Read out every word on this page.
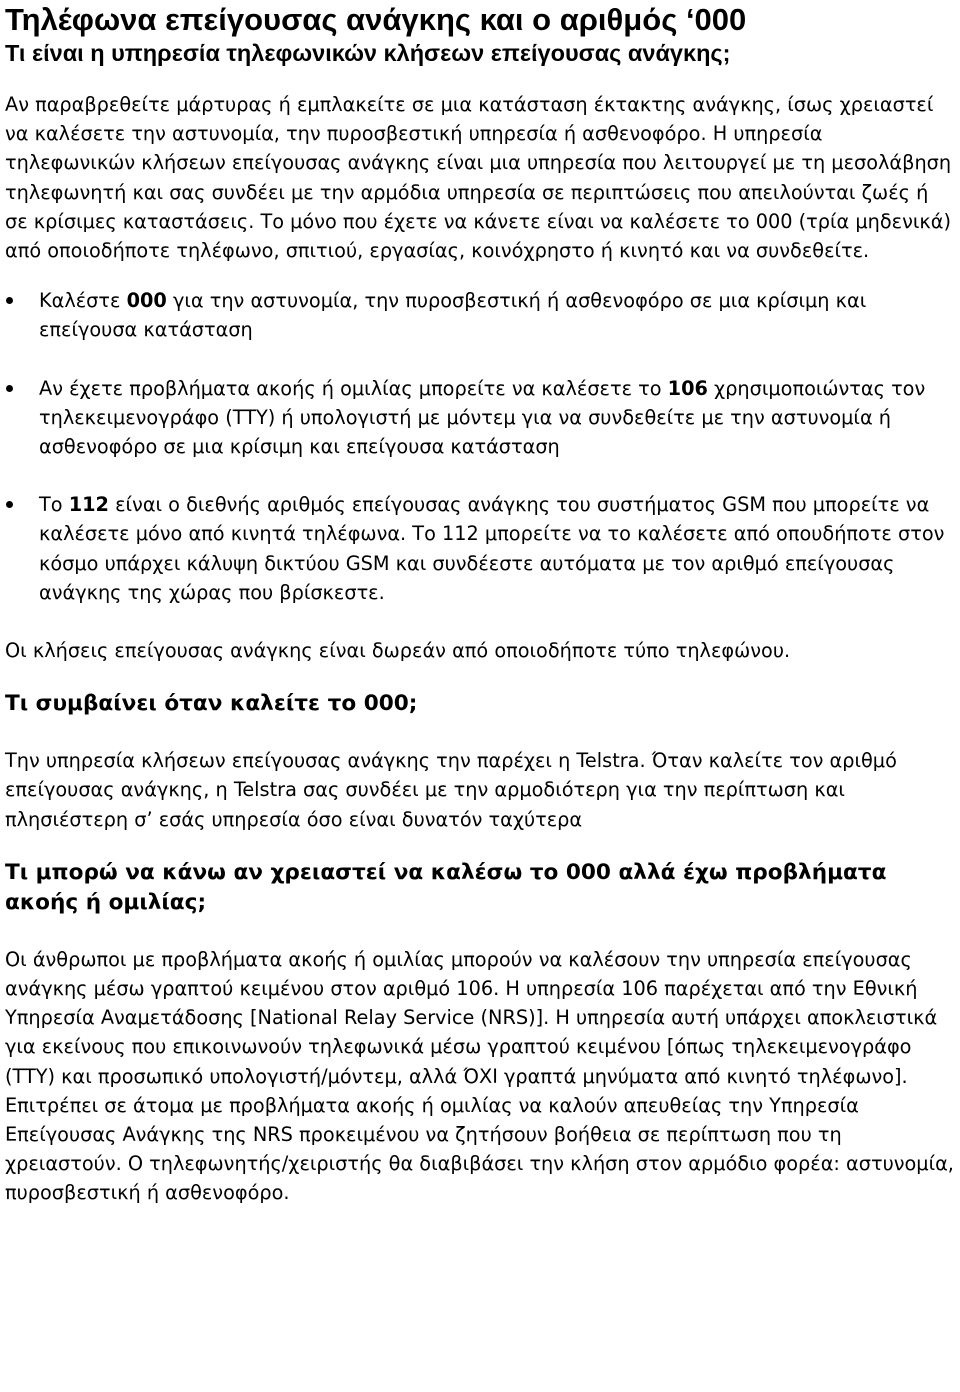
Τηλέφωνα επείγουσας ανάγκης και ο αριθμός ‘000
Τι είναι η υπηρεσία τηλεφωνικών κλήσεων επείγουσας ανάγκης;

Αν παραβρεθείτε μάρτυρας ή εμπλακείτε σε μια κατάσταση έκτακτης ανάγκης, ίσως χρειαστεί να καλέσετε την αστυνομία, την πυροσβεστική υπηρεσία ή ασθενοφόρο. Η υπηρεσία τηλεφωνικών κλήσεων επείγουσας ανάγκης είναι μια υπηρεσία που λειτουργεί με τη μεσολάβηση τηλεφωνητή και σας συνδέει με την αρμόδια υπηρεσία σε περιπτώσεις που απειλούνται ζωές ή σε κρίσιμες καταστάσεις. Το μόνο που έχετε να κάνετε είναι να καλέσετε το 000 (τρία μηδενικά) από οποιοδήποτε τηλέφωνο, σπιτιού, εργασίας, κοινόχρηστο ή κινητό και να συνδεθείτε.

Καλέστε 000 για την αστυνομία, την πυροσβεστική ή ασθενοφόρο σε μια κρίσιμη και επείγουσα κατάσταση
Αν έχετε προβλήματα ακοής ή ομιλίας μπορείτε να καλέσετε το 106 χρησιμοποιώντας τον τηλεκειμενογράφο (TTY) ή υπολογιστή με μόντεμ για να συνδεθείτε με την αστυνομία ή ασθενοφόρο σε μια κρίσιμη και επείγουσα κατάσταση
Το 112 είναι ο διεθνής αριθμός επείγουσας ανάγκης του συστήματος GSM που μπορείτε να καλέσετε μόνο από κινητά τηλέφωνα. Το 112 μπορείτε να το καλέσετε από οπουδήποτε στον κόσμο υπάρχει κάλυψη δικτύου GSM και συνδέεστε αυτόματα με τον αριθμό επείγουσας ανάγκης της χώρας που βρίσκεστε.

Οι κλήσεις επείγουσας ανάγκης είναι δωρεάν από οποιοδήποτε τύπο τηλεφώνου.

Τι συμβαίνει όταν καλείτε το 000;

Την υπηρεσία κλήσεων επείγουσας ανάγκης την παρέχει η Telstra. Όταν καλείτε τον αριθμό επείγουσας ανάγκης, η Telstra σας συνδέει με την αρμοδιότερη για την περίπτωση και πλησιέστερη σ’ εσάς υπηρεσία όσο είναι δυνατόν ταχύτερα

Τι μπορώ να κάνω αν χρειαστεί να καλέσω το 000 αλλά έχω προβλήματα ακοής ή ομιλίας;

Οι άνθρωποι με προβλήματα ακοής ή ομιλίας μπορούν να καλέσουν την υπηρεσία επείγουσας ανάγκης μέσω γραπτού κειμένου στον αριθμό 106. Η υπηρεσία 106 παρέχεται από την Εθνική Υπηρεσία Αναμετάδοσης [National Relay Service (NRS)]. Η υπηρεσία αυτή υπάρχει αποκλειστικά για εκείνους που επικοινωνούν τηλεφωνικά μέσω γραπτού κειμένου [όπως τηλεκειμενογράφο (TTY) και προσωπικό υπολογιστή/μόντεμ, αλλά ΌΧΙ γραπτά μηνύματα από κινητό τηλέφωνο]. Επιτρέπει σε άτομα με προβλήματα ακοής ή ομιλίας να καλούν απευθείας την Υπηρεσία Επείγουσας Ανάγκης της NRS προκειμένου να ζητήσουν βοήθεια σε περίπτωση που τη χρειαστούν. Ο τηλεφωνητής/χειριστής θα διαβιβάσει την κλήση στον αρμόδιο φορέα: αστυνομία, πυροσβεστική ή ασθενοφόρο.
